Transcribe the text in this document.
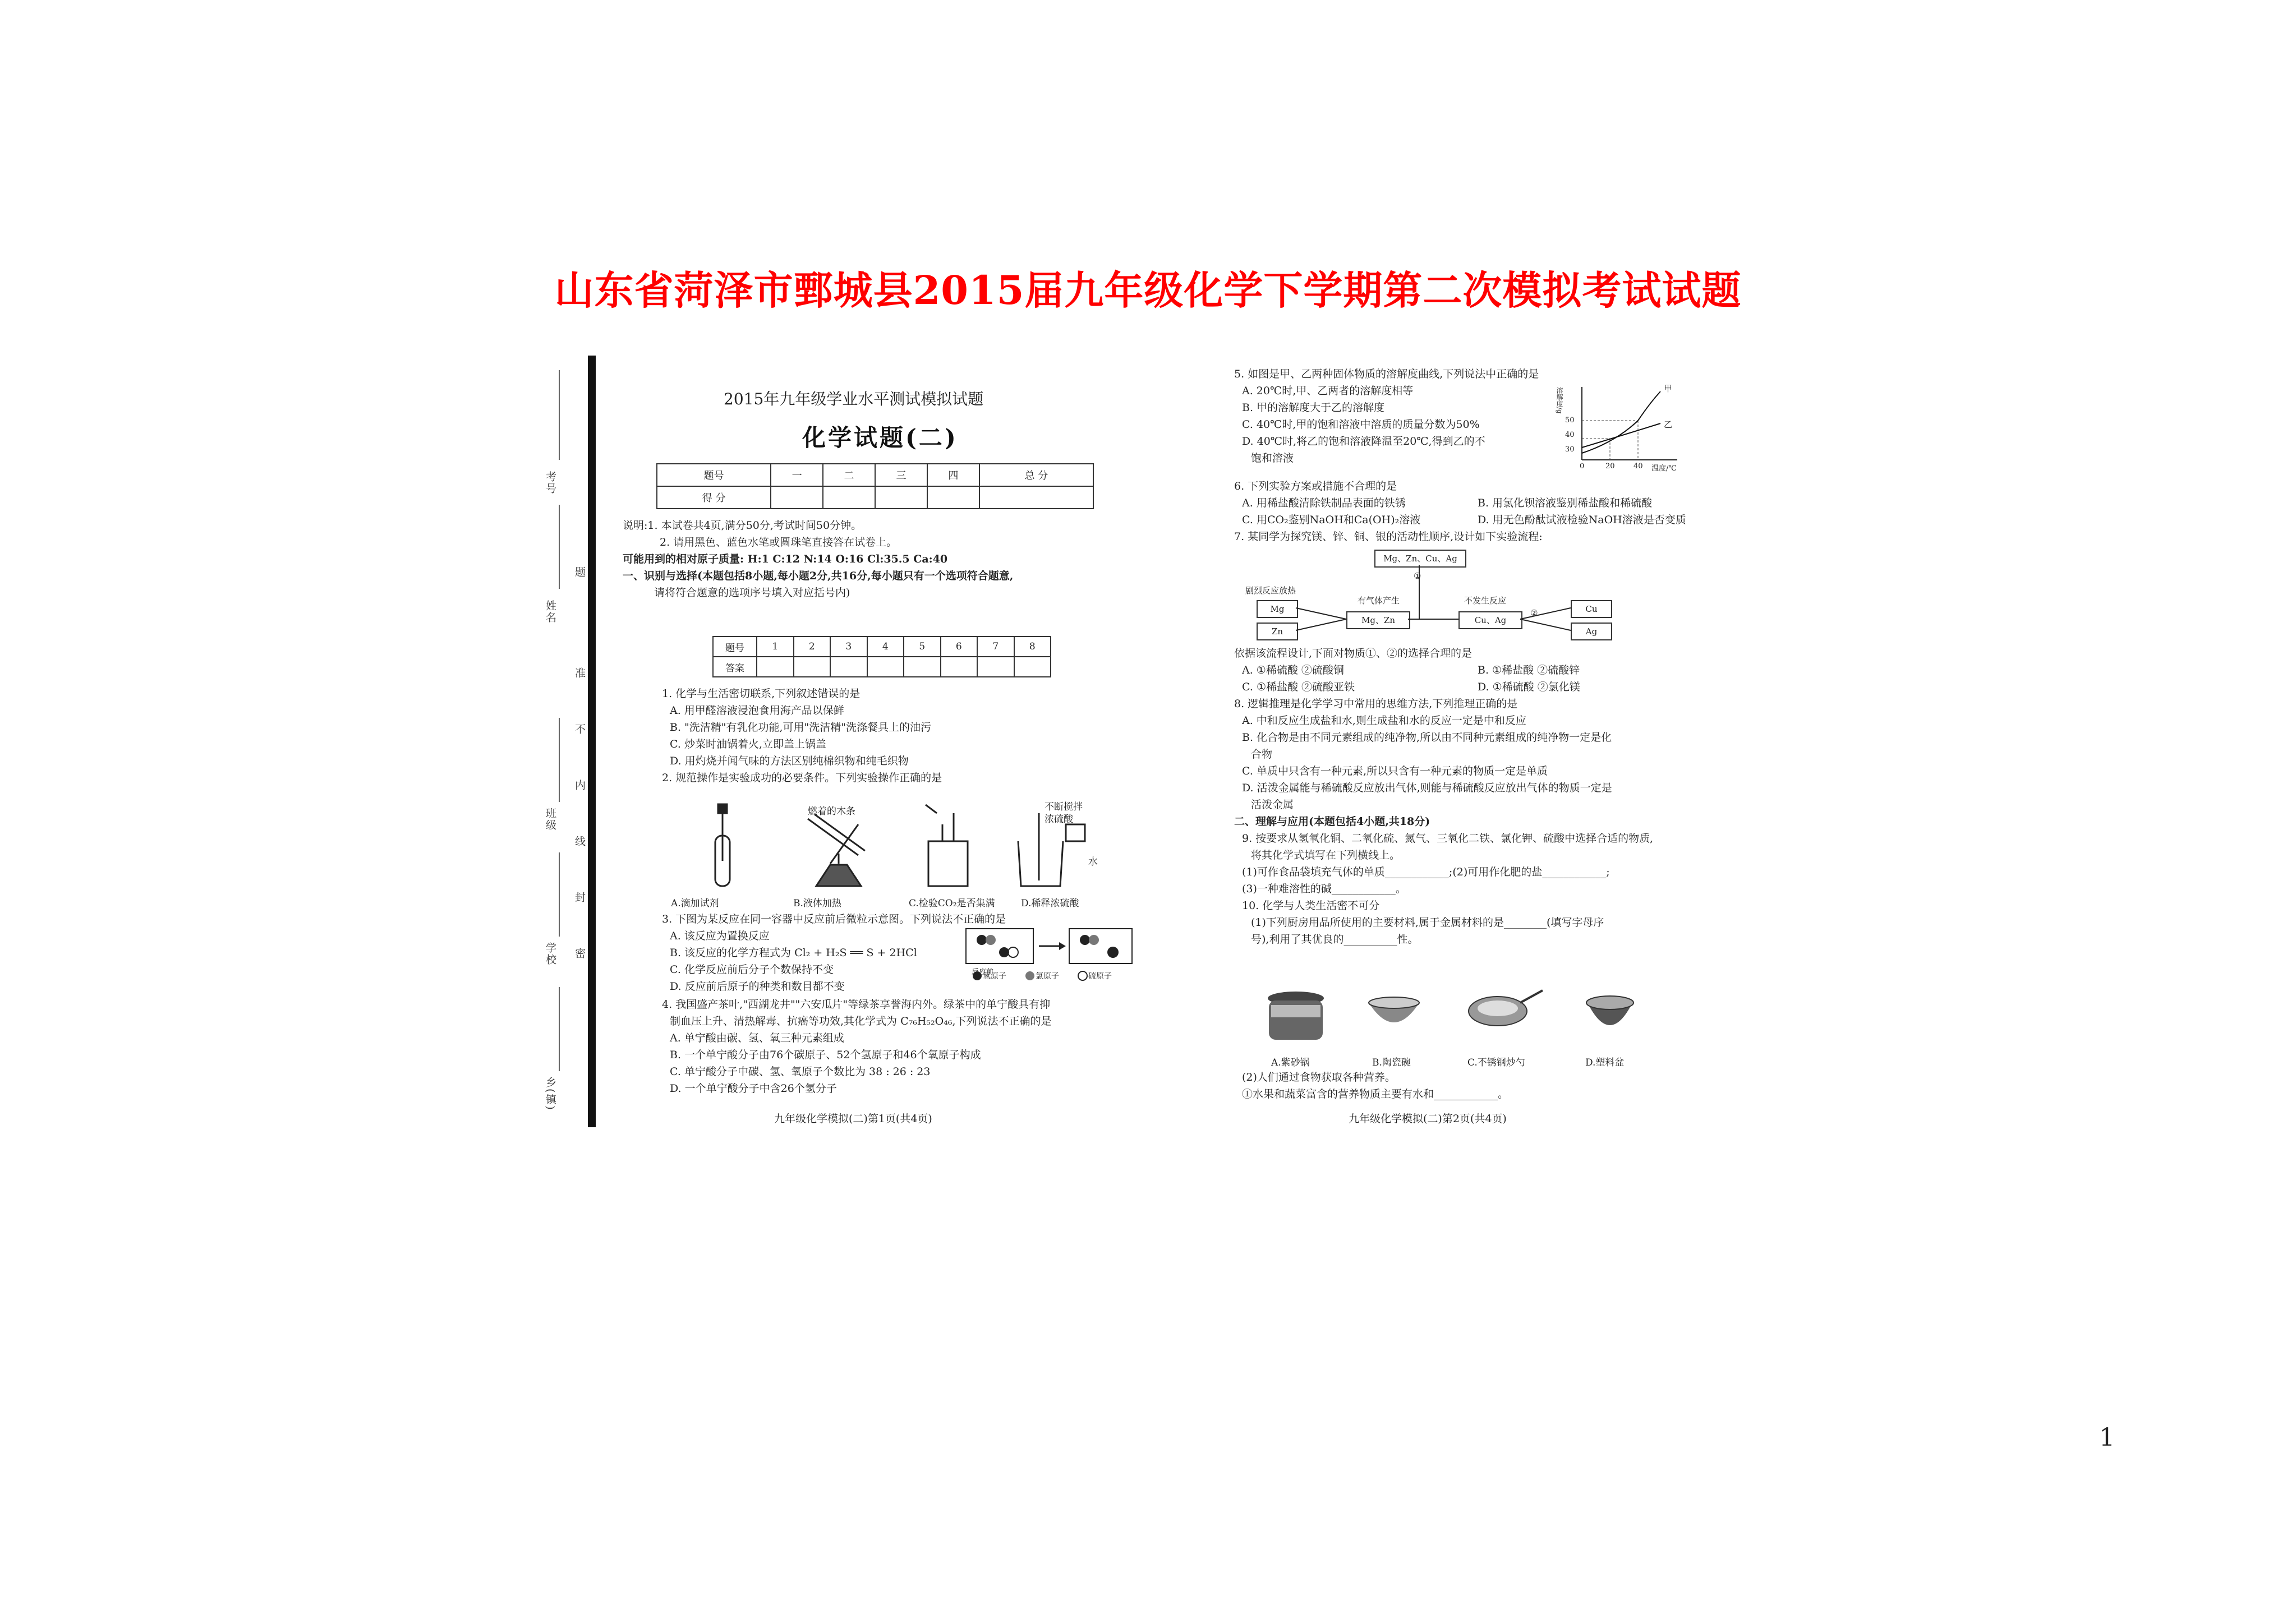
山东省菏泽市鄄城县2015届九年级化学下学期第二次模拟考试试题
考号
姓名
班级
学校
乡(镇)
题
准
不
内
线
封
密
2015年九年级学业水平测试模拟试题
化学试题(二)
题号	一	二	三	四	总 分
得 分					

说明:1. 本试卷共4页,满分50分,考试时间50分钟。

2. 请用黑色、蓝色水笔或圆珠笔直接答在试卷上。

可能用到的相对原子质量: H:1 C:12 N:14 O:16 Cl:35.5 Ca:40

一、识别与选择(本题包括8小题,每小题2分,共16分,每小题只有一个选项符合题意,

请将符合题意的选项序号填入对应括号内)

题号	1	2	3	4	5	6	7	8
答案								

1. 化学与生活密切联系,下列叙述错误的是

A. 用甲醛溶液浸泡食用海产品以保鲜

B. "洗洁精"有乳化功能,可用"洗洁精"洗涤餐具上的油污

C. 炒菜时油锅着火,立即盖上锅盖

D. 用灼烧并闻气味的方法区别纯棉织物和纯毛织物

2. 规范操作是实验成功的必要条件。下列实验操作正确的是

燃着的木条	不断搅拌
浓硫酸
水
A.滴加试剂	B.液体加热	C.检验CO₂是否集满	D.稀释浓硫酸

3. 下图为某反应在同一容器中反应前后微粒示意图。下列说法不正确的是

A. 该反应为置换反应

B. 该反应的化学方程式为 Cl₂ + H₂S ══ S + 2HCl

C. 化学反应前后分子个数保持不变

D. 反应前后原子的种类和数目都不变

反应前
氢原子	氯原子	硫原子

4. 我国盛产茶叶,"西湖龙井""六安瓜片"等绿茶享誉海内外。绿茶中的单宁酸具有抑

制血压上升、清热解毒、抗癌等功效,其化学式为 C₇₆H₅₂O₄₆,下列说法不正确的是

A. 单宁酸由碳、氢、氧三种元素组成

B. 一个单宁酸分子由76个碳原子、52个氢原子和46个氧原子构成

C. 单宁酸分子中碳、氢、氧原子个数比为 38 : 26 : 23

D. 一个单宁酸分子中含26个氢分子

九年级化学模拟(二)第1页(共4页)

5. 如图是甲、乙两种固体物质的溶解度曲线,下列说法中正确的是

A. 20℃时,甲、乙两者的溶解度相等

B. 甲的溶解度大于乙的溶解度

C. 40℃时,甲的饱和溶液中溶质的质量分数为50%

D. 40℃时,将乙的饱和溶液降温至20℃,得到乙的不

饱和溶液

甲
乙
50
40
30
0	20	40 温度/℃
溶解度/g

6. 下列实验方案或措施不合理的是

A. 用稀盐酸清除铁制品表面的铁锈	B. 用氯化钡溶液鉴别稀盐酸和稀硫酸

C. 用CO₂鉴别NaOH和Ca(OH)₂溶液	D. 用无色酚酞试液检验NaOH溶液是否变质

7. 某同学为探究镁、锌、铜、银的活动性顺序,设计如下实验流程:

Mg、Zn、Cu、Ag
①
剧烈反应放热
Mg
Zn
有气体产生
Mg、Zn
不发生反应
Cu、Ag
②	Cu
Ag

依据该流程设计,下面对物质①、②的选择合理的是

A. ①稀硫酸 ②硫酸铜	B. ①稀盐酸 ②硫酸锌

C. ①稀盐酸 ②硫酸亚铁	D. ①稀硫酸 ②氯化镁

8. 逻辑推理是化学学习中常用的思维方法,下列推理正确的是

A. 中和反应生成盐和水,则生成盐和水的反应一定是中和反应

B. 化合物是由不同元素组成的纯净物,所以由不同种元素组成的纯净物一定是化

合物

C. 单质中只含有一种元素,所以只含有一种元素的物质一定是单质

D. 活泼金属能与稀硫酸反应放出气体,则能与稀硫酸反应放出气体的物质一定是

活泼金属

二、理解与应用(本题包括4小题,共18分)

9. 按要求从氢氧化铜、二氧化硫、氮气、三氧化二铁、氯化钾、硫酸中选择合适的物质,

将其化学式填写在下列横线上。

(1)可作食品袋填充气体的单质____________;(2)可用作化肥的盐____________;

(3)一种难溶性的碱____________。

10. 化学与人类生活密不可分

(1)下列厨房用品所使用的主要材料,属于金属材料的是________(填写字母序

号),利用了其优良的__________性。

A.紫砂锅	B.陶瓷碗	C.不锈钢炒勺	D.塑料盆

(2)人们通过食物获取各种营养。

①水果和蔬菜富含的营养物质主要有水和____________。

九年级化学模拟(二)第2页(共4页)
1
